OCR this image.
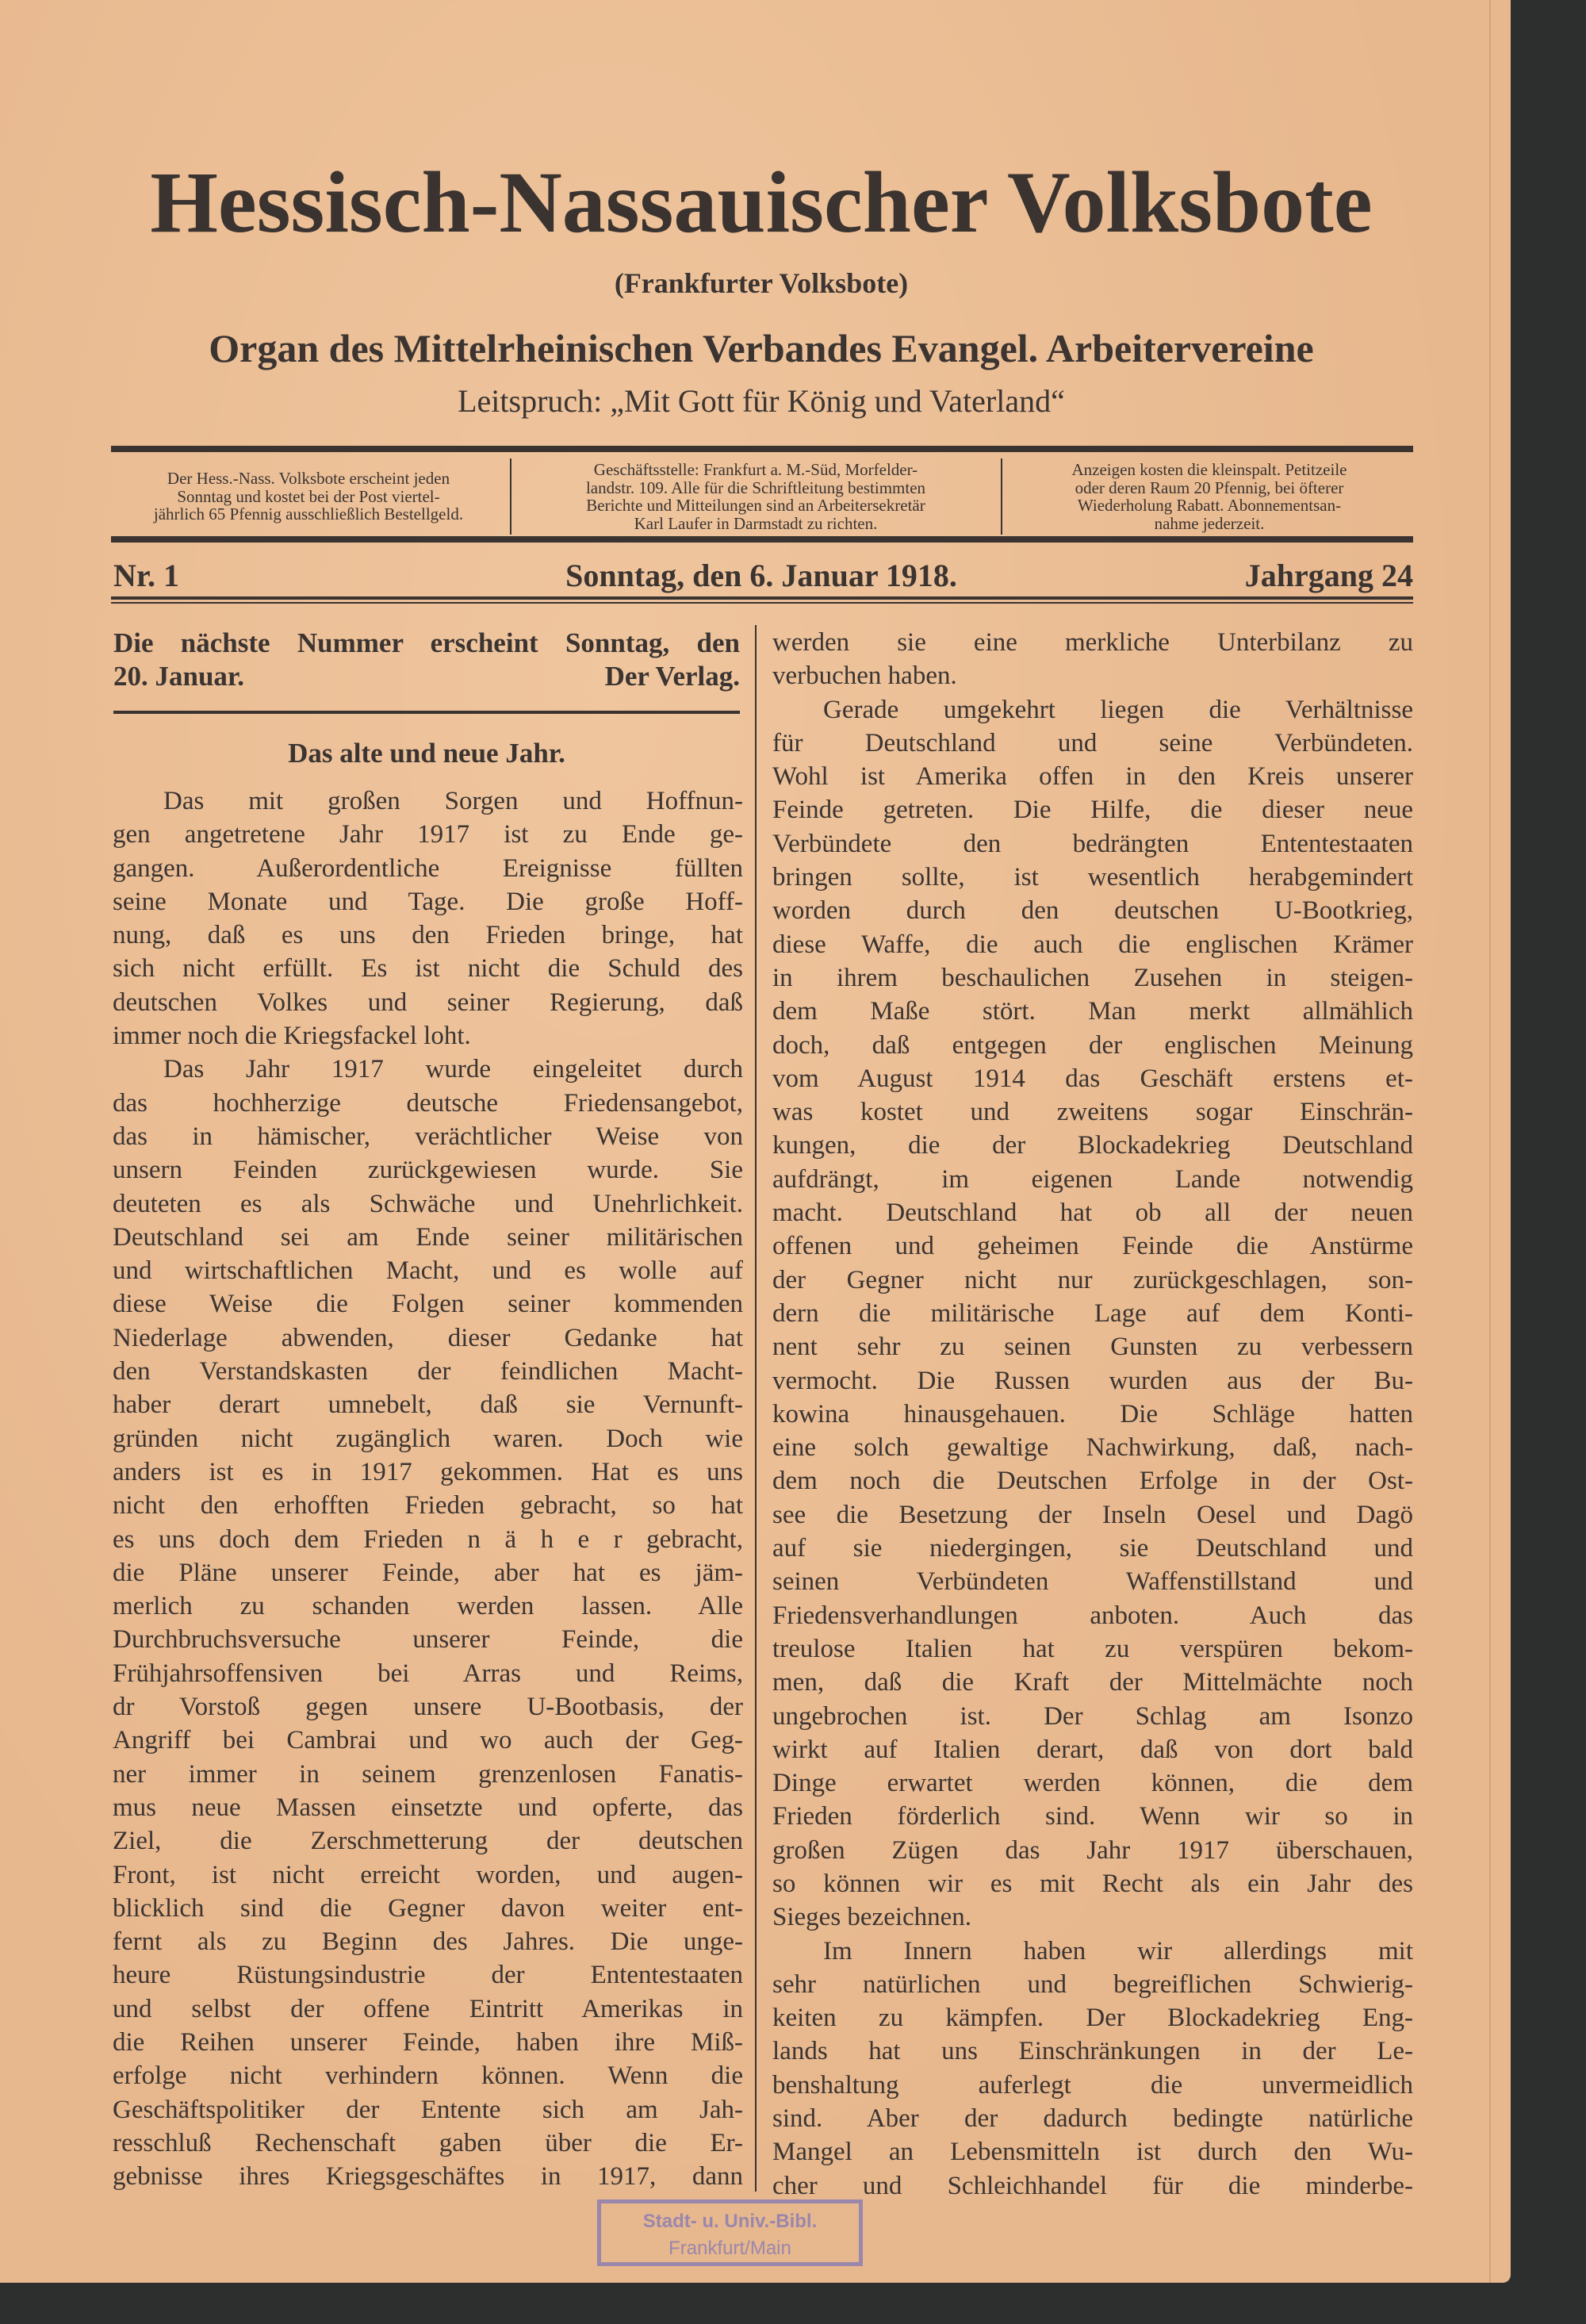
Hessisch-Nassauischer Volksbote
(Frankfurter Volksbote)
Organ des Mittelrheinischen Verbandes Evangel. Arbeitervereine
Leitspruch: „Mit Gott für König und Vaterland“
Der Hess.-Nass. Volksbote erscheint jeden
Sonntag und kostet bei der Post viertel-
jährlich 65 Pfennig ausschließlich Bestellgeld.
Geschäftsstelle: Frankfurt a. M.-Süd, Morfelder-
landstr. 109. Alle für die Schriftleitung bestimmten
Berichte und Mitteilungen sind an Arbeitersekretär
Karl Laufer in Darmstadt zu richten.
Anzeigen kosten die kleinspalt. Petitzeile
oder deren Raum 20 Pfennig, bei öfterer
Wiederholung Rabatt. Abonnementsan-
nahme jederzeit.
Nr. 1	Sonntag, den 6. Januar 1918.	Jahrgang 24
Die nächste Nummer erscheint Sonntag, den
20. Januar.	Der Verlag.
Das alte und neue Jahr.
Das mit großen Sorgen und Hoffnun-
gen angetretene Jahr 1917 ist zu Ende ge-
gangen. Außerordentliche Ereignisse füllten
seine Monate und Tage. Die große Hoff-
nung, daß es uns den Frieden bringe, hat
sich nicht erfüllt. Es ist nicht die Schuld des
deutschen Volkes und seiner Regierung, daß
immer noch die Kriegsfackel loht.
Das Jahr 1917 wurde eingeleitet durch
das hochherzige deutsche Friedensangebot,
das in hämischer, verächtlicher Weise von
unsern Feinden zurückgewiesen wurde. Sie
deuteten es als Schwäche und Unehrlichkeit.
Deutschland sei am Ende seiner militärischen
und wirtschaftlichen Macht, und es wolle auf
diese Weise die Folgen seiner kommenden
Niederlage abwenden, dieser Gedanke hat
den Verstandskasten der feindlichen Macht-
haber derart umnebelt, daß sie Vernunft-
gründen nicht zugänglich waren. Doch wie
anders ist es in 1917 gekommen. Hat es uns
nicht den erhofften Frieden gebracht, so hat
es uns doch dem Frieden n ä h e r gebracht,
die Pläne unserer Feinde, aber hat es jäm-
merlich zu schanden werden lassen. Alle
Durchbruchsversuche unserer Feinde, die
Frühjahrsoffensiven bei Arras und Reims,
dr Vorstoß gegen unsere U-Bootbasis, der
Angriff bei Cambrai und wo auch der Geg-
ner immer in seinem grenzenlosen Fanatis-
mus neue Massen einsetzte und opferte, das
Ziel, die Zerschmetterung der deutschen
Front, ist nicht erreicht worden, und augen-
blicklich sind die Gegner davon weiter ent-
fernt als zu Beginn des Jahres. Die unge-
heure Rüstungsindustrie der Ententestaaten
und selbst der offene Eintritt Amerikas in
die Reihen unserer Feinde, haben ihre Miß-
erfolge nicht verhindern können. Wenn die
Geschäftspolitiker der Entente sich am Jah-
resschluß Rechenschaft gaben über die Er-
gebnisse ihres Kriegsgeschäftes in 1917, dann
werden sie eine merkliche Unterbilanz zu
verbuchen haben.
Gerade umgekehrt liegen die Verhältnisse
für Deutschland und seine Verbündeten.
Wohl ist Amerika offen in den Kreis unserer
Feinde getreten. Die Hilfe, die dieser neue
Verbündete den bedrängten Ententestaaten
bringen sollte, ist wesentlich herabgemindert
worden durch den deutschen U-Bootkrieg,
diese Waffe, die auch die englischen Krämer
in ihrem beschaulichen Zusehen in steigen-
dem Maße stört. Man merkt allmählich
doch, daß entgegen der englischen Meinung
vom August 1914 das Geschäft erstens et-
was kostet und zweitens sogar Einschrän-
kungen, die der Blockadekrieg Deutschland
aufdrängt, im eigenen Lande notwendig
macht. Deutschland hat ob all der neuen
offenen und geheimen Feinde die Anstürme
der Gegner nicht nur zurückgeschlagen, son-
dern die militärische Lage auf dem Konti-
nent sehr zu seinen Gunsten zu verbessern
vermocht. Die Russen wurden aus der Bu-
kowina hinausgehauen. Die Schläge hatten
eine solch gewaltige Nachwirkung, daß, nach-
dem noch die Deutschen Erfolge in der Ost-
see die Besetzung der Inseln Oesel und Dagö
auf sie niedergingen, sie Deutschland und
seinen Verbündeten Waffenstillstand und
Friedensverhandlungen anboten. Auch das
treulose Italien hat zu verspüren bekom-
men, daß die Kraft der Mittelmächte noch
ungebrochen ist. Der Schlag am Isonzo
wirkt auf Italien derart, daß von dort bald
Dinge erwartet werden können, die dem
Frieden förderlich sind. Wenn wir so in
großen Zügen das Jahr 1917 überschauen,
so können wir es mit Recht als ein Jahr des
Sieges bezeichnen.
Im Innern haben wir allerdings mit
sehr natürlichen und begreiflichen Schwierig-
keiten zu kämpfen. Der Blockadekrieg Eng-
lands hat uns Einschränkungen in der Le-
benshaltung auferlegt die unvermeidlich
sind. Aber der dadurch bedingte natürliche
Mangel an Lebensmitteln ist durch den Wu-
cher und Schleichhandel für die minderbe-
Stadt- u. Univ.-Bibl.
Frankfurt/Main
